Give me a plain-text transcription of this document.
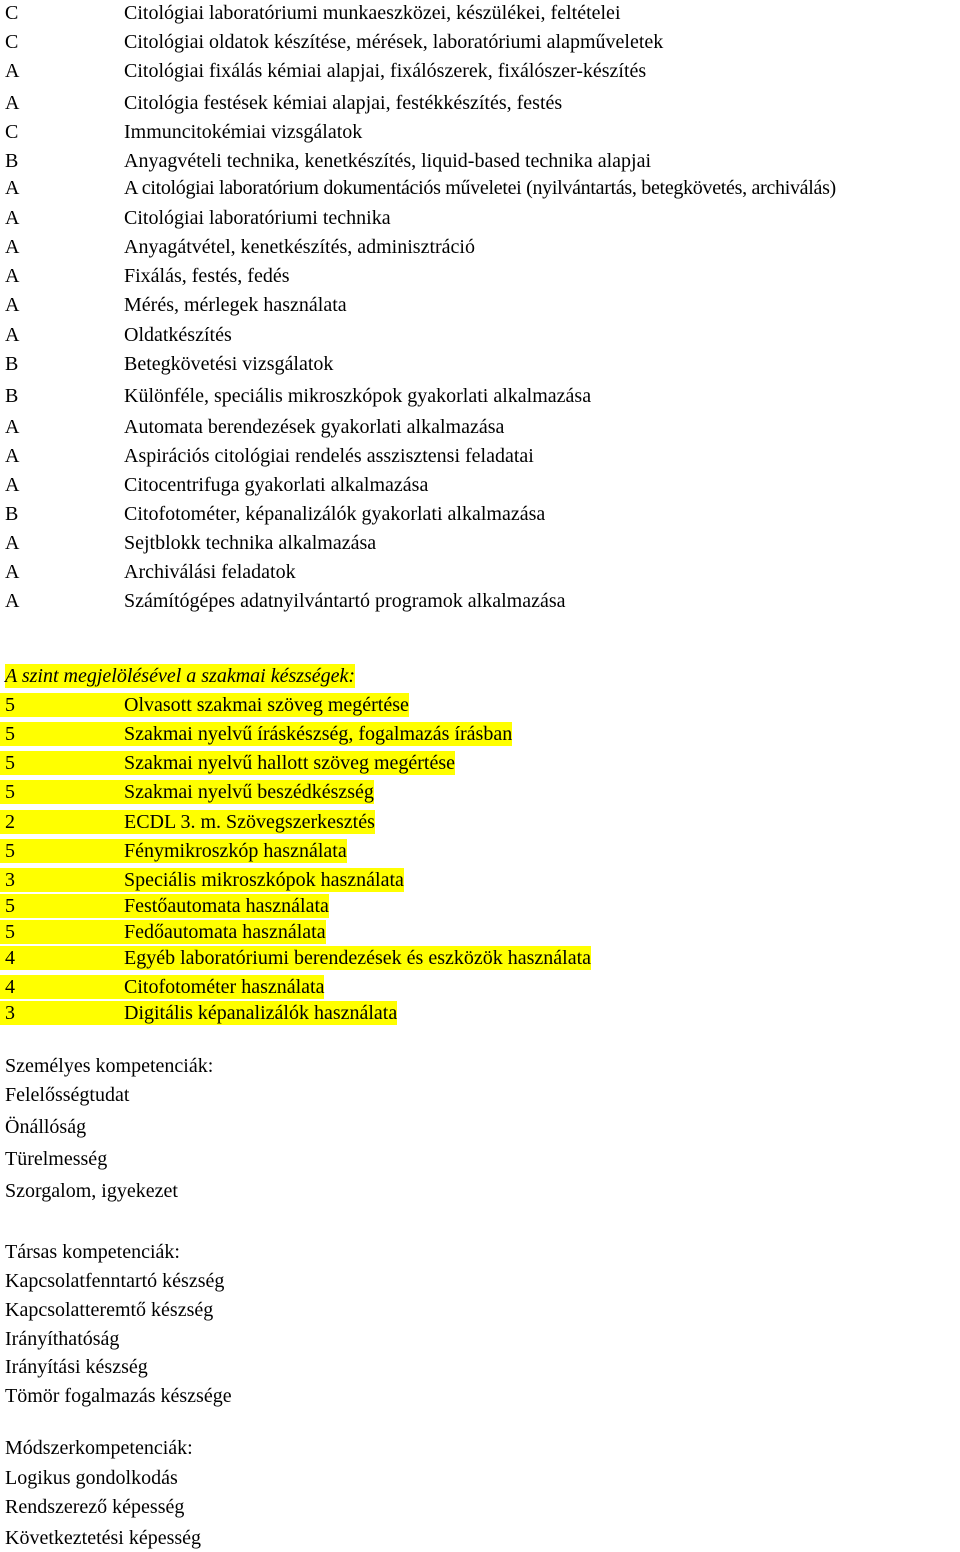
C	Citológiai laboratóriumi munkaeszközei, készülékei, feltételei
C	Citológiai oldatok készítése, mérések, laboratóriumi alapműveletek
A	Citológiai fixálás kémiai alapjai, fixálószerek, fixálószer-készítés
A	Citológia festések kémiai alapjai, festékkészítés, festés
C	Immuncitokémiai vizsgálatok
B	Anyagvételi technika, kenetkészítés, liquid-based technika alapjai
A	A citológiai laboratórium dokumentációs műveletei (nyilvántartás, betegkövetés, archiválás)
A	Citológiai laboratóriumi technika
A	Anyagátvétel, kenetkészítés, adminisztráció
A	Fixálás, festés, fedés
A	Mérés, mérlegek használata
A	Oldatkészítés
B	Betegkövetési vizsgálatok
B	Különféle, speciális mikroszkópok gyakorlati alkalmazása
A	Automata berendezések gyakorlati alkalmazása
A	Aspirációs citológiai rendelés asszisztensi feladatai
A	Citocentrifuga gyakorlati alkalmazása
B	Citofotométer, képanalizálók gyakorlati alkalmazása
A	Sejtblokk technika alkalmazása
A	Archiválási feladatok
A	Számítógépes adatnyilvántartó programok alkalmazása
A szint megjelölésével a szakmai készségek:
5	Olvasott szakmai szöveg megértése
5	Szakmai nyelvű íráskészség, fogalmazás írásban
5	Szakmai nyelvű hallott szöveg megértése
5	Szakmai nyelvű beszédkészség
2	ECDL 3. m. Szövegszerkesztés
5	Fénymikroszkóp használata
3	Speciális mikroszkópok használata
5	Festőautomata használata
5	Fedőautomata használata
4	Egyéb laboratóriumi berendezések és eszközök használata
4	Citofotométer használata
3	Digitális képanalizálók használata
Személyes kompetenciák:
Felelősségtudat
Önállóság
Türelmesség
Szorgalom, igyekezet
Társas kompetenciák:
Kapcsolatfenntartó készség
Kapcsolatteremtő készség
Irányíthatóság
Irányítási készség
Tömör fogalmazás készsége
Módszerkompetenciák:
Logikus gondolkodás
Rendszerező képesség
Következtetési képesség
